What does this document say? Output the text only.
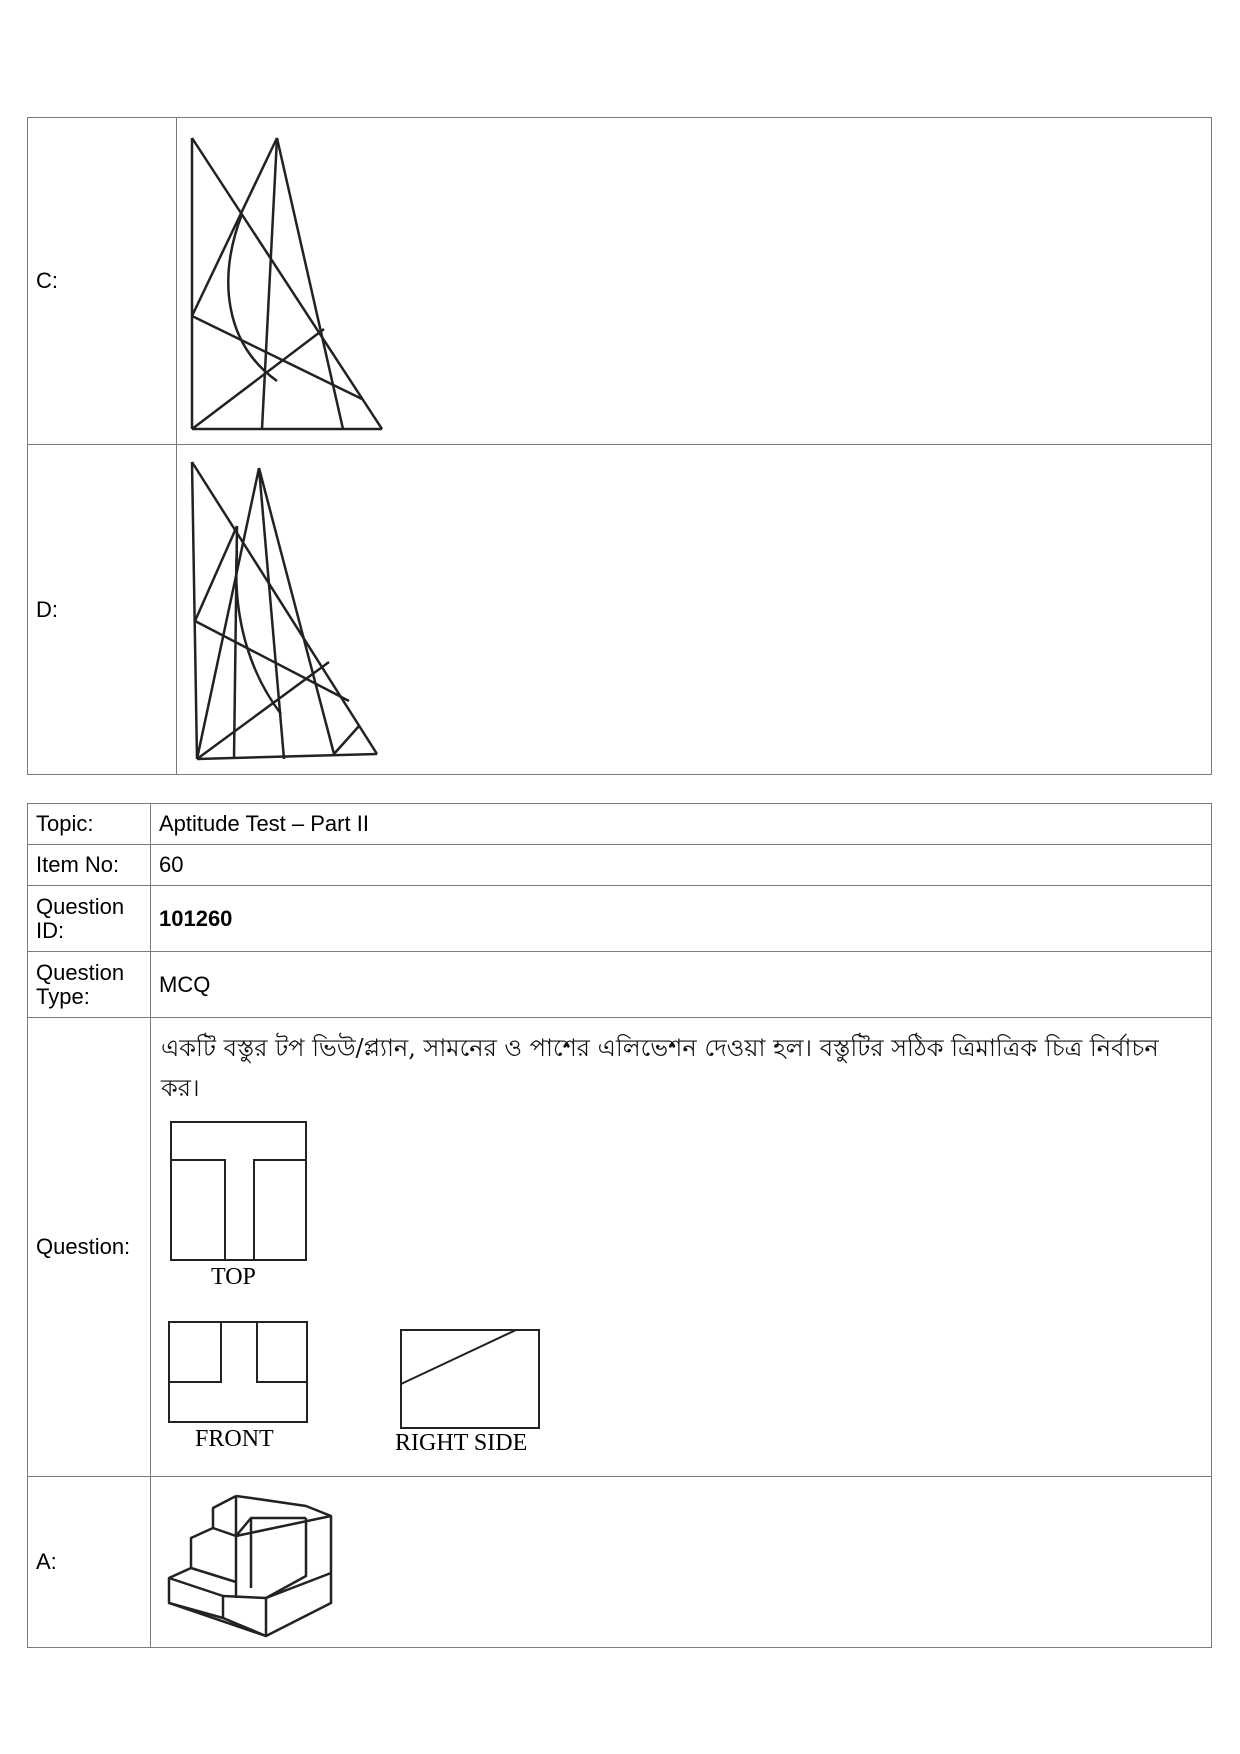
C:	

D:	
Topic:	Aptitude Test – Part II
Item No:	60
Question ID:	101260
Question Type:	MCQ
Question:	একটি বস্তুর টপ ভিউ/প্ল্যান, সামনের ও পাশের এলিভেশন দেওয়া হল। বস্তুটির সঠিক ত্রিমাত্রিক চিত্র নির্বাচন কর।
TOP
FRONT RIGHT SIDE

A:	
